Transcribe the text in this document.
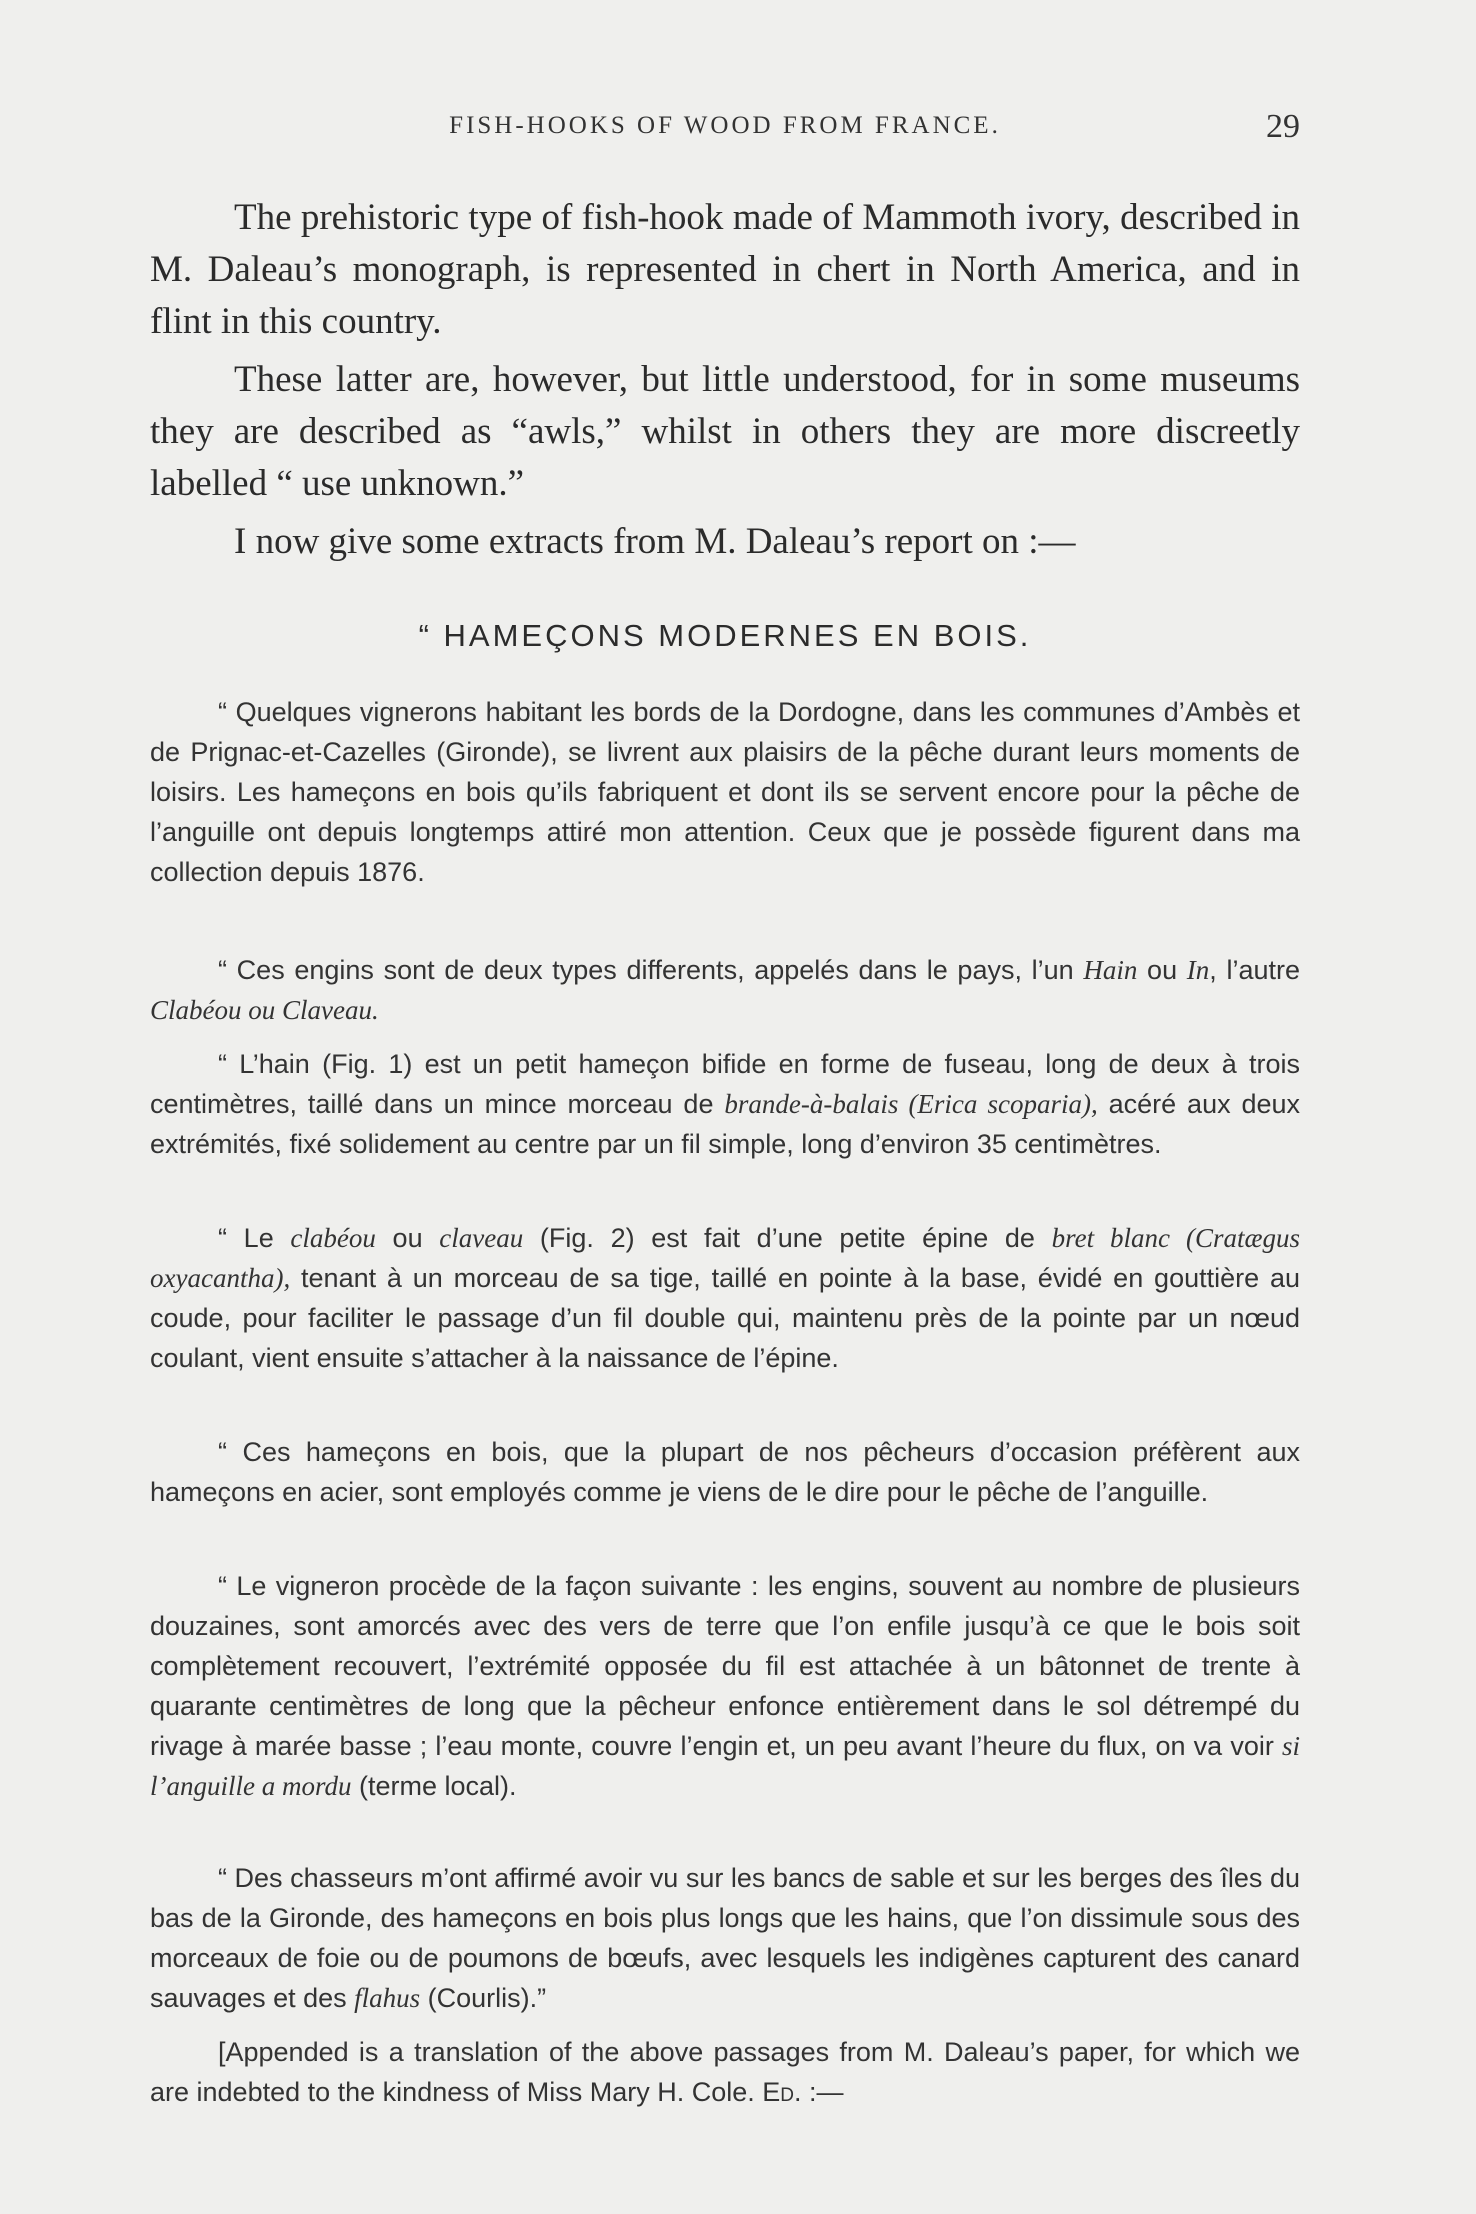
FISH-HOOKS OF WOOD FROM FRANCE.	29

The prehistoric type of fish-hook made of Mammoth ivory, described in M. Daleau’s monograph, is represented in chert in North America, and in flint in this country.

These latter are, however, but little understood, for in some museums they are described as “awls,” whilst in others they are more discreetly labelled “ use unknown.”

I now give some extracts from M. Daleau’s report on :—

“ HAMEÇONS MODERNES EN BOIS.

“ Quelques vignerons habitant les bords de la Dordogne, dans les communes d’Ambès et de Prignac-et-Cazelles (Gironde), se livrent aux plaisirs de la pêche durant leurs moments de loisirs. Les hameçons en bois qu’ils fabriquent et dont ils se servent encore pour la pêche de l’anguille ont depuis longtemps attiré mon attention. Ceux que je possède figurent dans ma collection depuis 1876.

“ Ces engins sont de deux types differents, appelés dans le pays, l’un Hain ou In, l’autre Clabéou ou Claveau.

“ L’hain (Fig. 1) est un petit hameçon bifide en forme de fuseau, long de deux à trois centimètres, taillé dans un mince morceau de brande-à-balais (Erica scoparia), acéré aux deux extrémités, fixé solidement au centre par un fil simple, long d’environ 35 centimètres.

“ Le clabéou ou claveau (Fig. 2) est fait d’une petite épine de bret blanc (Cratægus oxyacantha), tenant à un morceau de sa tige, taillé en pointe à la base, évidé en gouttière au coude, pour faciliter le passage d’un fil double qui, maintenu près de la pointe par un nœud coulant, vient ensuite s’attacher à la naissance de l’épine.

“ Ces hameçons en bois, que la plupart de nos pêcheurs d’occasion préfèrent aux hameçons en acier, sont employés comme je viens de le dire pour le pêche de l’anguille.

“ Le vigneron procède de la façon suivante : les engins, souvent au nombre de plusieurs douzaines, sont amorcés avec des vers de terre que l’on enfile jusqu’à ce que le bois soit complètement recouvert, l’extrémité opposée du fil est attachée à un bâtonnet de trente à quarante centimètres de long que la pêcheur enfonce entièrement dans le sol détrempé du rivage à marée basse ; l’eau monte, couvre l’engin et, un peu avant l’heure du flux, on va voir si l’anguille a mordu (terme local).

“ Des chasseurs m’ont affirmé avoir vu sur les bancs de sable et sur les berges des îles du bas de la Gironde, des hameçons en bois plus longs que les hains, que l’on dissimule sous des morceaux de foie ou de poumons de bœufs, avec lesquels les indigènes capturent des canard sauvages et des flahus (Courlis).”

[Appended is a translation of the above passages from M. Daleau’s paper, for which we are indebted to the kindness of Miss Mary H. Cole. Ed. :—
